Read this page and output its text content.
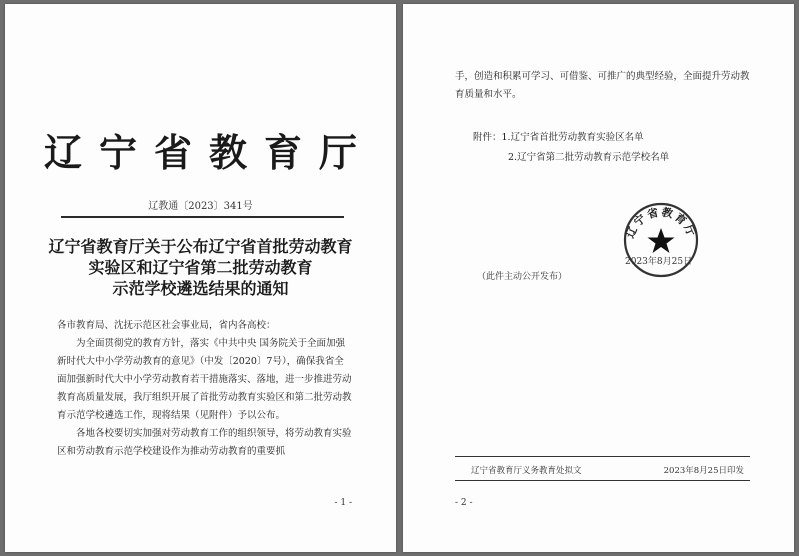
辽宁省教育厅
辽教通〔2023〕341号
辽宁省教育厅关于公布辽宁省首批劳动教育
实验区和辽宁省第二批劳动教育
示范学校遴选结果的通知

各市教育局、沈抚示范区社会事业局，省内各高校：

为全面贯彻党的教育方针，落实《中共中央 国务院关于全面加强新时代大中小学劳动教育的意见》（中发〔2020〕7号），确保我省全面加强新时代大中小学劳动教育若干措施落实、落地，进一步推进劳动教育高质量发展，我厅组织开展了首批劳动教育实验区和第二批劳动教育示范学校遴选工作，现将结果（见附件）予以公布。

各地各校要切实加强对劳动教育工作的组织领导，将劳动教育实验区和劳动教育示范学校建设作为推动劳动教育的重要抓

- 1 -

手，创造和积累可学习、可借鉴、可推广的典型经验，全面提升劳动教育质量和水平。

附件：1.辽宁省首批劳动教育实验区名单
2.辽宁省第二批劳动教育示范学校名单
辽宁省教育厅
2023年8月25日
（此件主动公开发布）
辽宁省教育厅义务教育处拟文	2023年8月25日印发
- 2 -
